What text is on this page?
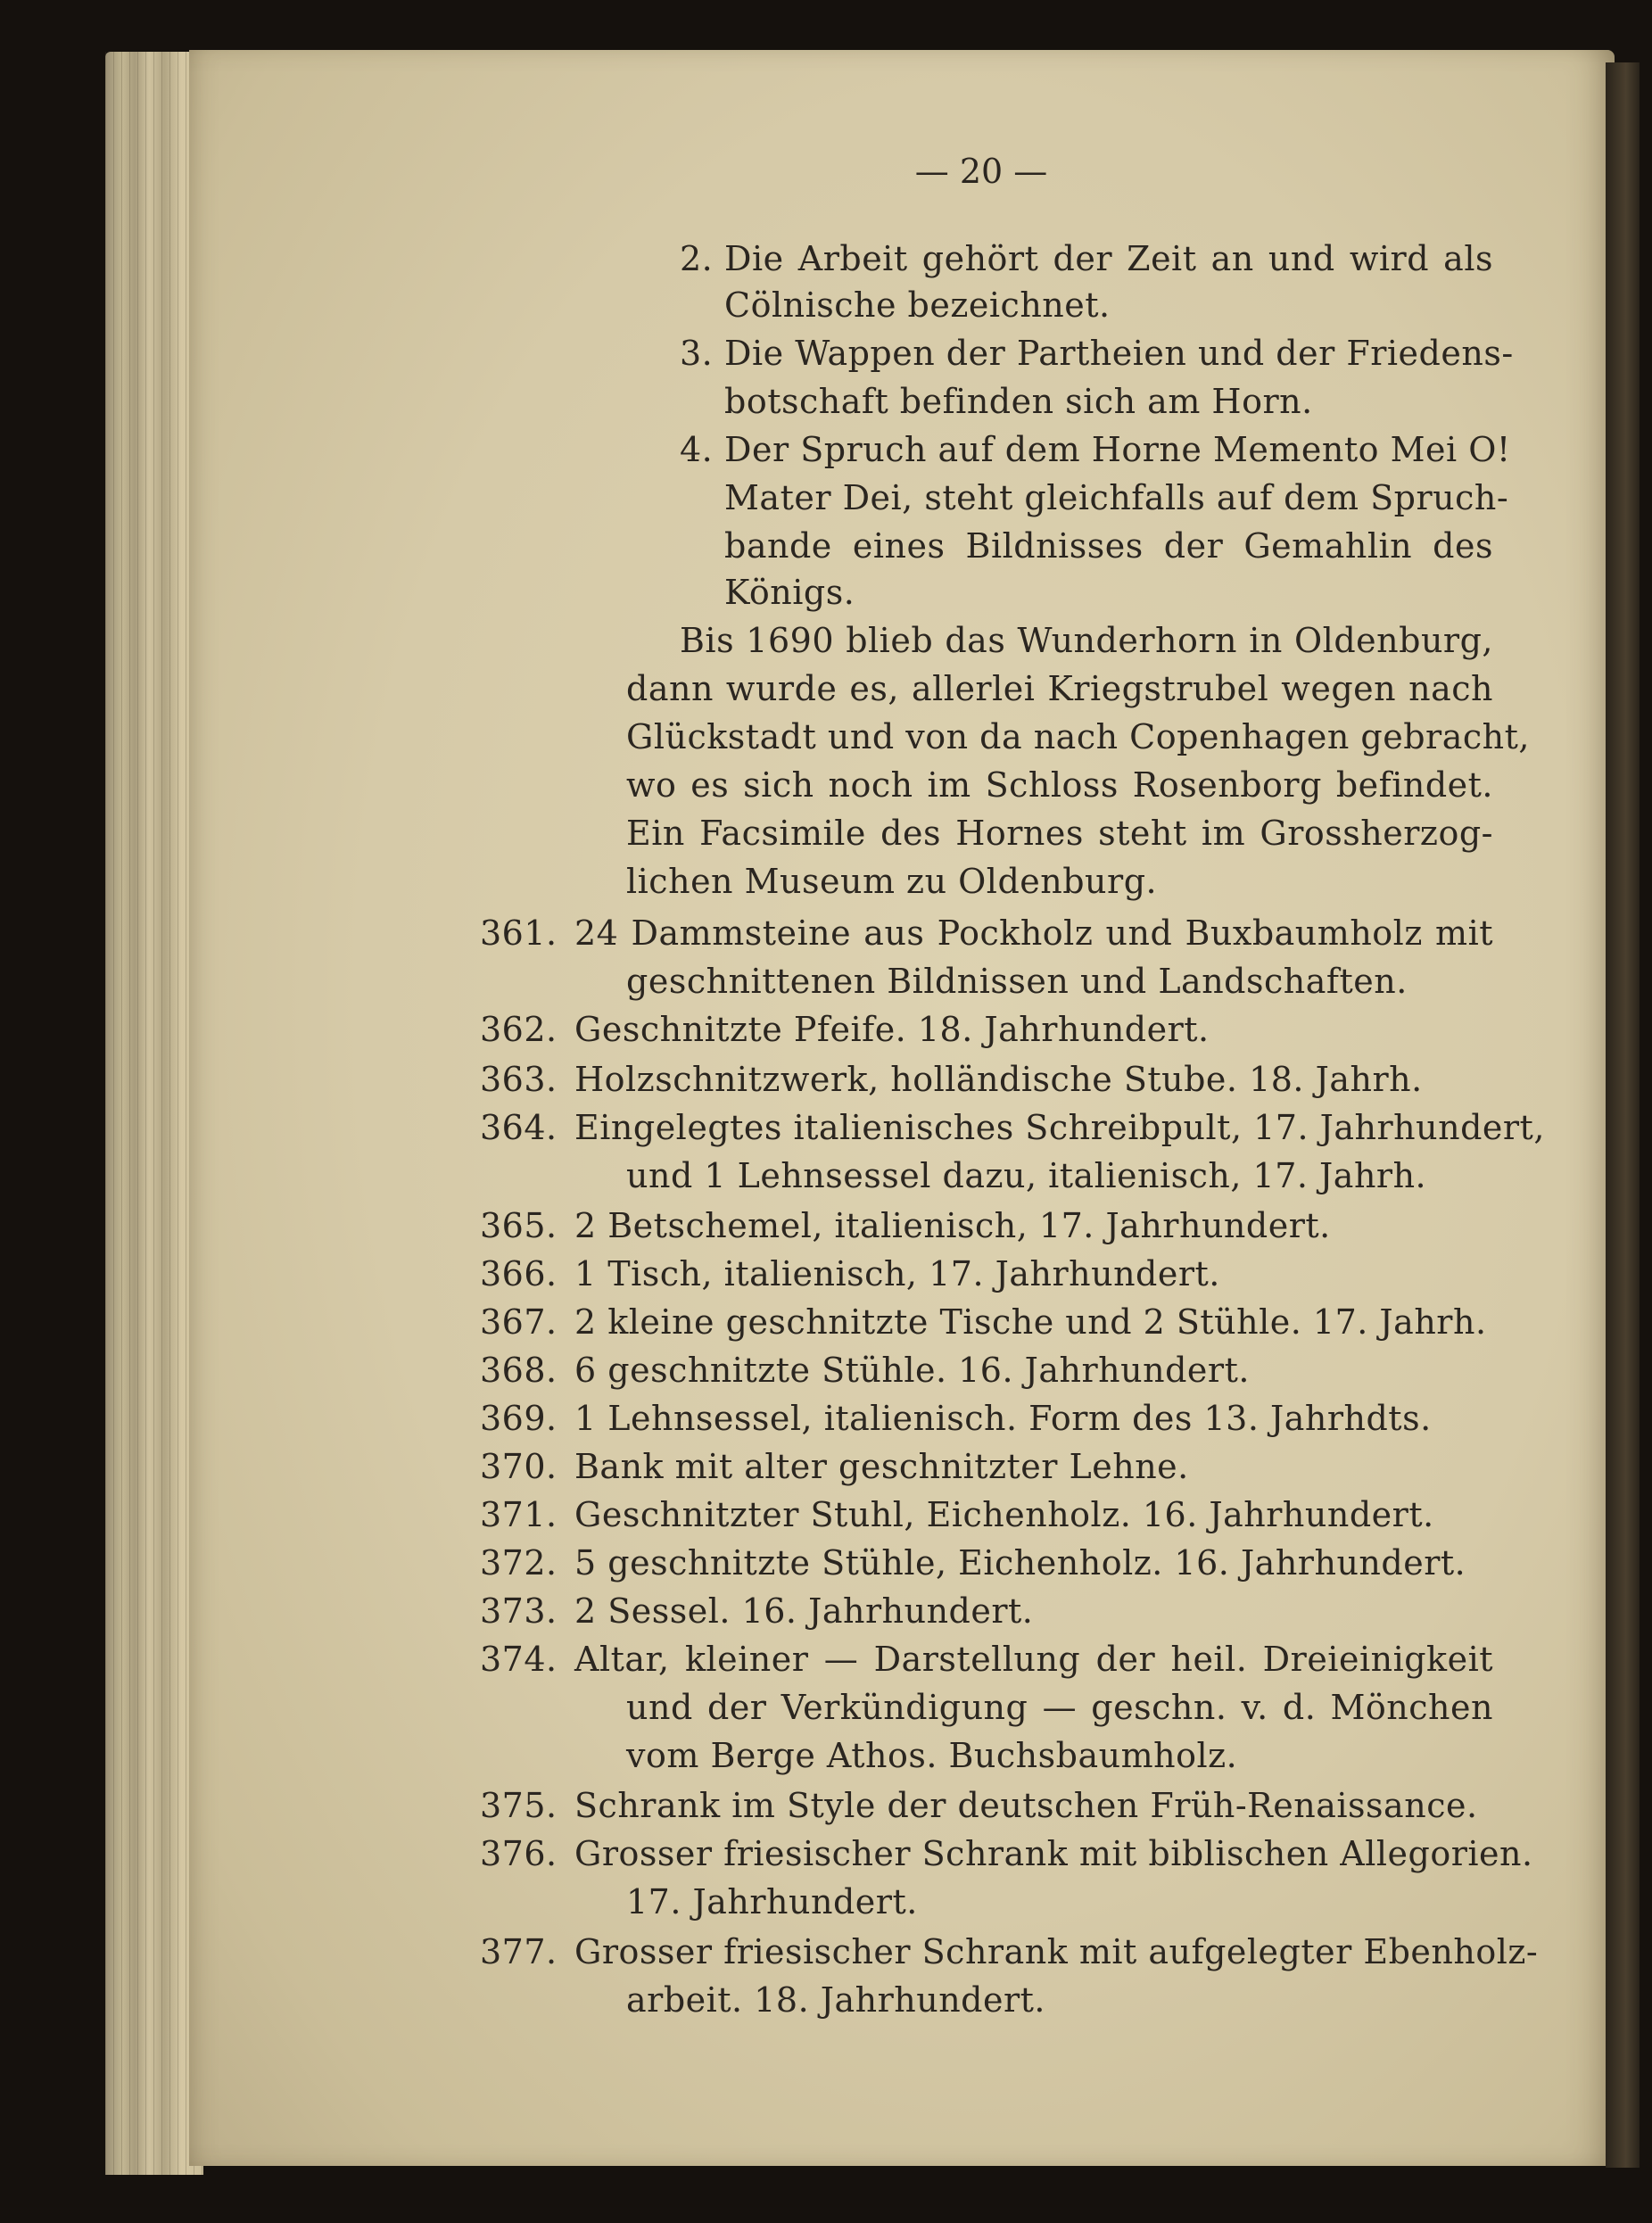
— 20 —
2. Die Arbeit gehört der Zeit an und wird als
Cölnische bezeichnet.
3. Die Wappen der Partheien und der Friedens-
botschaft befinden sich am Horn.
4. Der Spruch auf dem Horne Memento Mei O!
Mater Dei, steht gleichfalls auf dem Spruch-
bande eines Bildnisses der Gemahlin des
Königs.
Bis 1690 blieb das Wunderhorn in Oldenburg,
dann wurde es, allerlei Kriegstrubel wegen nach
Glückstadt und von da nach Copenhagen gebracht,
wo es sich noch im Schloss Rosenborg befindet.
Ein Facsimile des Hornes steht im Grossherzog-
lichen Museum zu Oldenburg.
361. 24 Dammsteine aus Pockholz und Buxbaumholz mit
geschnittenen Bildnissen und Landschaften.
362. Geschnitzte Pfeife. 18. Jahrhundert.
363. Holzschnitzwerk, holländische Stube. 18. Jahrh.
364. Eingelegtes italienisches Schreibpult, 17. Jahrhundert,
und 1 Lehnsessel dazu, italienisch, 17. Jahrh.
365. 2 Betschemel, italienisch, 17. Jahrhundert.
366. 1 Tisch, italienisch, 17. Jahrhundert.
367. 2 kleine geschnitzte Tische und 2 Stühle. 17. Jahrh.
368. 6 geschnitzte Stühle. 16. Jahrhundert.
369. 1 Lehnsessel, italienisch. Form des 13. Jahrhdts.
370. Bank mit alter geschnitzter Lehne.
371. Geschnitzter Stuhl, Eichenholz. 16. Jahrhundert.
372. 5 geschnitzte Stühle, Eichenholz. 16. Jahrhundert.
373. 2 Sessel. 16. Jahrhundert.
374. Altar, kleiner — Darstellung der heil. Dreieinigkeit
und der Verkündigung — geschn. v. d. Mönchen
vom Berge Athos. Buchsbaumholz.
375. Schrank im Style der deutschen Früh-Renaissance.
376. Grosser friesischer Schrank mit biblischen Allegorien.
17. Jahrhundert.
377. Grosser friesischer Schrank mit aufgelegter Ebenholz-
arbeit. 18. Jahrhundert.
